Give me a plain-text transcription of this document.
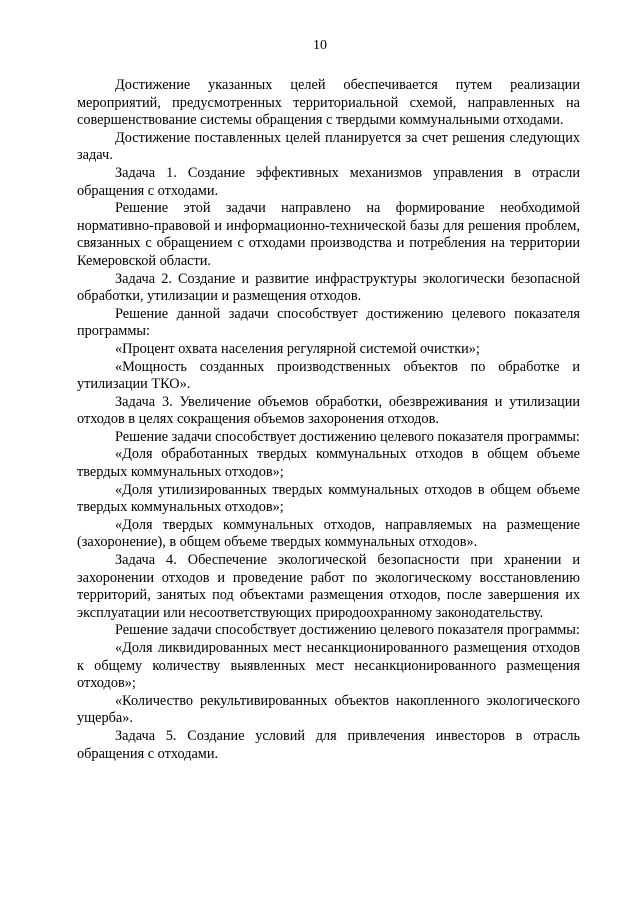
10

Достижение указанных целей обеспечивается путем реализации мероприятий, предусмотренных территориальной схемой, направленных на совершенствование системы обращения с твердыми коммунальными отходами.

Достижение поставленных целей планируется за счет решения следующих задач.

Задача 1. Создание эффективных механизмов управления в отрасли обращения с отходами.

Решение этой задачи направлено на формирование необходимой нормативно-правовой и информационно-технической базы для решения проблем, связанных с обращением с отходами производства и потребления на территории Кемеровской области.

Задача 2. Создание и развитие инфраструктуры экологически безопасной обработки, утилизации и размещения отходов.

Решение данной задачи способствует достижению целевого показателя программы:

«Процент охвата населения регулярной системой очистки»;

«Мощность созданных производственных объектов по обработке и утилизации ТКО».

Задача 3. Увеличение объемов обработки, обезвреживания и утилизации отходов в целях сокращения объемов захоронения отходов.

Решение задачи способствует достижению целевого показателя программы:

«Доля обработанных твердых коммунальных отходов в общем объеме твердых коммунальных отходов»;

«Доля утилизированных твердых коммунальных отходов в общем объеме твердых коммунальных отходов»;

«Доля твердых коммунальных отходов, направляемых на размещение (захоронение), в общем объеме твердых коммунальных отходов».

Задача 4. Обеспечение экологической безопасности при хранении и захоронении отходов и проведение работ по экологическому восстановлению территорий, занятых под объектами размещения отходов, после завершения их эксплуатации или несоответствующих природоохранному законодательству.

Решение задачи способствует достижению целевого показателя программы:

«Доля ликвидированных мест несанкционированного размещения отходов к общему количеству выявленных мест несанкционированного размещения отходов»;

«Количество рекультивированных объектов накопленного экологического ущерба».

Задача 5. Создание условий для привлечения инвесторов в отрасль обращения с отходами.
